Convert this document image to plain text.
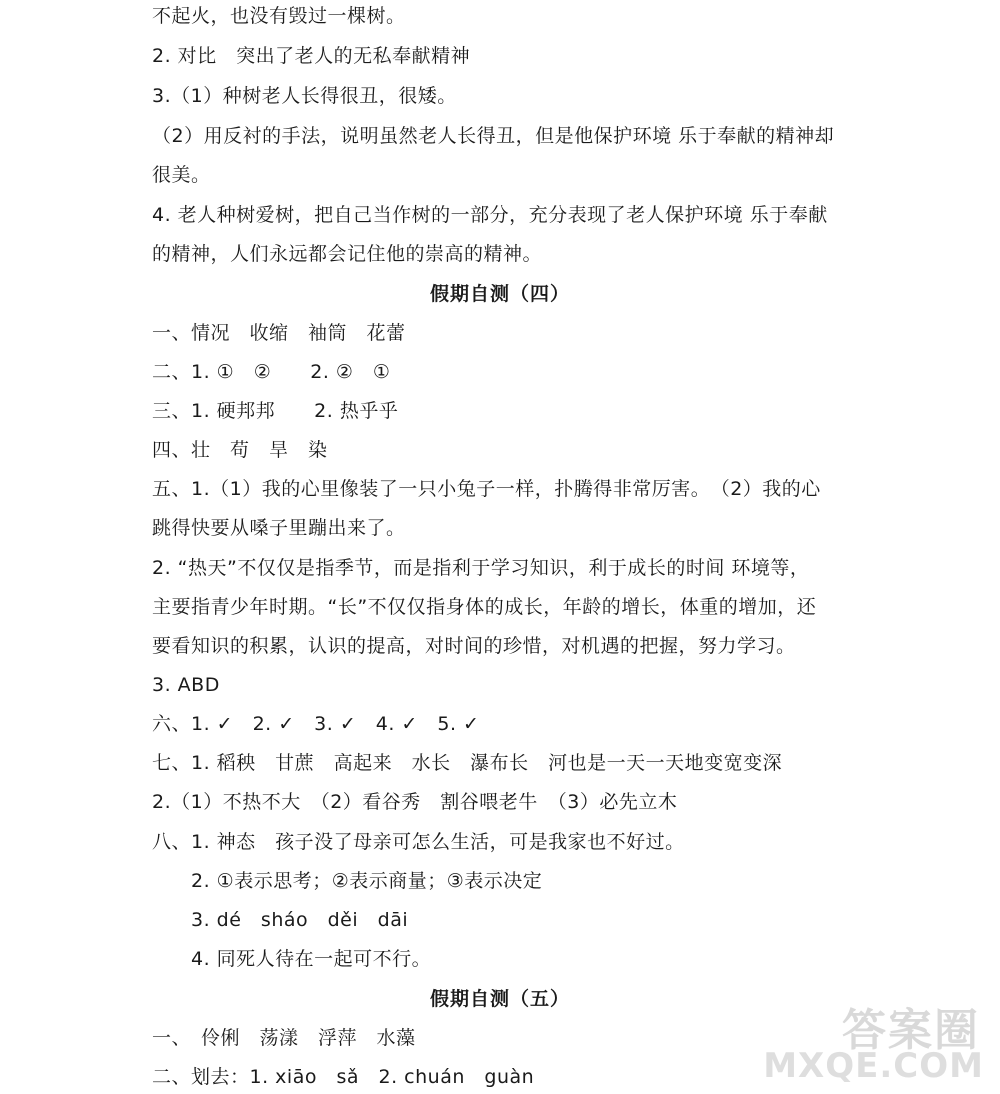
不起火，也没有毁过一棵树。
2. 对比　突出了老人的无私奉献精神
3.（1）种树老人长得很丑，很矮。
（2）用反衬的手法，说明虽然老人长得丑，但是他保护环境 乐于奉献的精神却
很美。
4. 老人种树爱树，把自己当作树的一部分，充分表现了老人保护环境 乐于奉献
的精神，人们永远都会记住他的崇高的精神。
假期自测（四）
一、情况　收缩　袖筒　花蕾
二、1. ①　②　　2. ②　①
三、1. 硬邦邦　　2. 热乎乎
四、壮　苟　旱　染
五、1.（1）我的心里像装了一只小兔子一样，扑腾得非常厉害。　（2）我的心
跳得快要从嗓子里蹦出来了。
2. “热天”不仅仅是指季节，而是指利于学习知识，利于成长的时间 环境等，
主要指青少年时期。“长”不仅仅指身体的成长，年龄的增长，体重的增加，还
要看知识的积累，认识的提高，对时间的珍惜，对机遇的把握，努力学习。
3. ABD
六、1. ✓　2. ✓　3. ✓　4. ✓　5. ✓
七、1. 稻秧　甘蔗　高起来　水长　瀑布长　河也是一天一天地变宽变深
2.（1）不热不大　（2）看谷秀　割谷喂老牛　（3）必先立木
八、1. 神态　孩子没了母亲可怎么生活，可是我家也不好过。
2. ①表示思考；②表示商量；③表示决定
3. dé　sháo　děi　dāi
4. 同死人待在一起可不行。
假期自测（五）
一、　伶俐　荡漾　浮萍　水藻
二、划去：1. xiāo　sǎ　2. chuán　guàn
答案圈
MXQE.COM
